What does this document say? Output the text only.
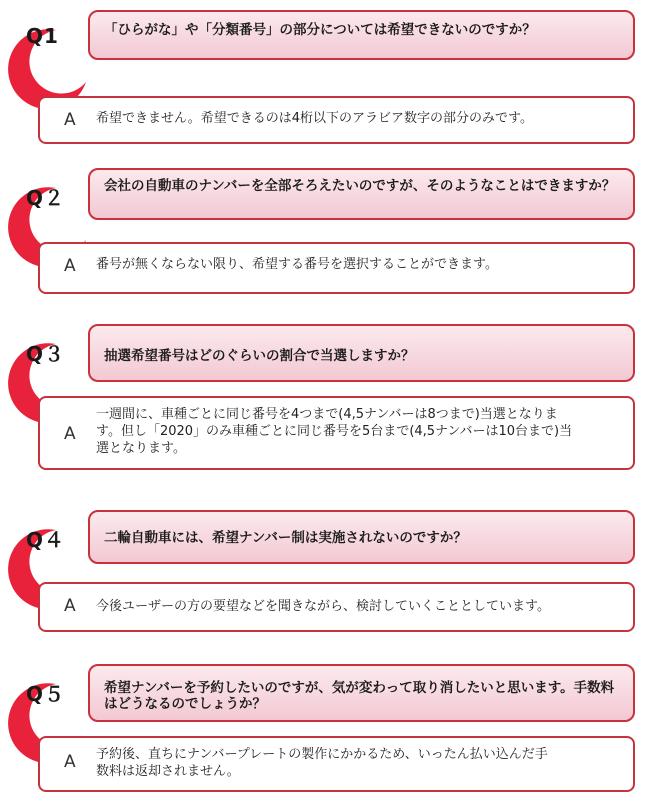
Q1	「ひらがな」や「分類番号」の部分については希望できないのですか？
A 希望できません。希望できるのは4桁以下のアラビア数字の部分のみです。
Q２	会社の自動車のナンバーを全部そろえたいのですが、そのようなことはできますか？
A 番号が無くならない限り、希望する番号を選択することができます。
Q３	抽選希望番号はどのぐらいの割合で当選しますか？
A
一週間に、車種ごとに同じ番号を4つまで(4,5ナンバーは8つまで)当選となります。但し「2020」のみ車種ごとに同じ番号を5台まで(4,5ナンバーは10台まで)当選となります。
Q４	二輪自動車には、希望ナンバー制は実施されないのですか？
A 今後ユーザーの方の要望などを聞きながら、検討していくこととしています。
Q５	希望ナンバーを予約したいのですが、気が変わって取り消したいと思います。手数料はどうなるのでしょうか？
A 予約後、直ちにナンバープレートの製作にかかるため、いったん払い込んだ手数料は返却されません。
